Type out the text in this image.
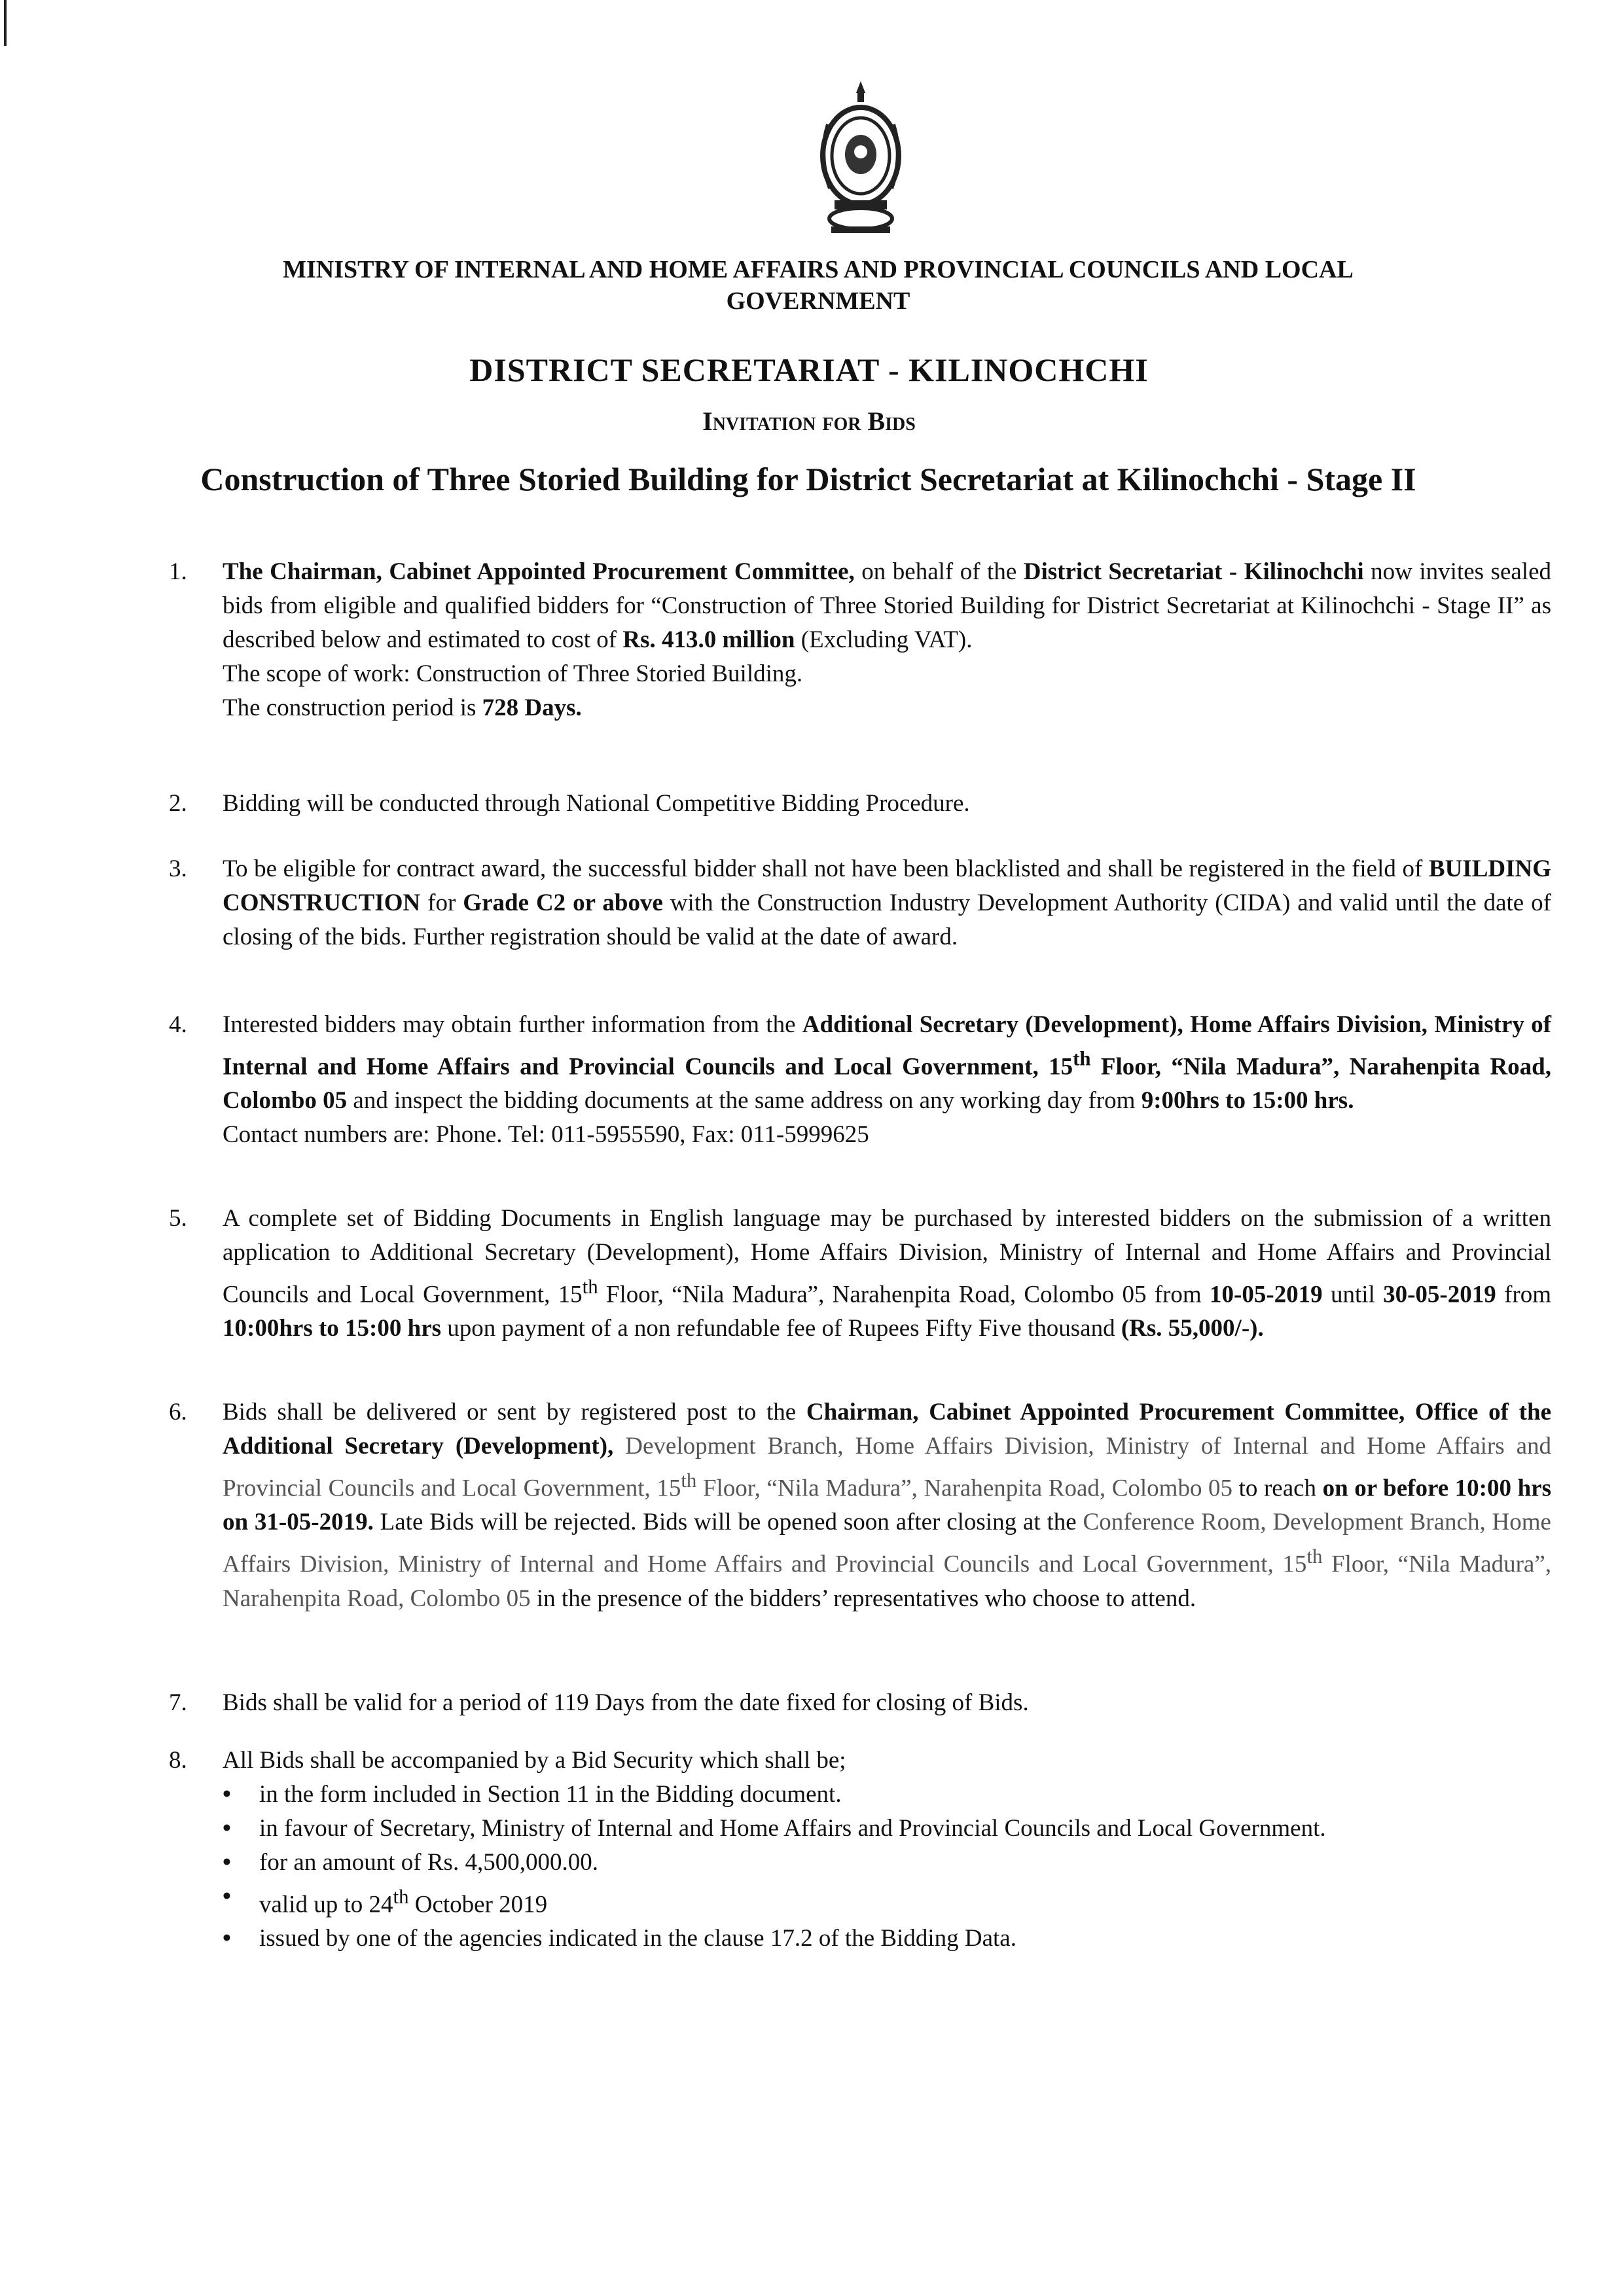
MINISTRY OF INTERNAL AND HOME AFFAIRS AND PROVINCIAL COUNCILS AND LOCAL GOVERNMENT
DISTRICT SECRETARIAT - KILINOCHCHI
Invitation for Bids
Construction of Three Storied Building for District Secretariat at Kilinochchi - Stage II
1. The Chairman, Cabinet Appointed Procurement Committee, on behalf of the District Secretariat - Kilinochchi now invites sealed bids from eligible and qualified bidders for “Construction of Three Storied Building for District Secretariat at Kilinochchi - Stage II” as described below and estimated to cost of Rs. 413.0 million (Excluding VAT).
The scope of work: Construction of Three Storied Building.
The construction period is 728 Days.
2. Bidding will be conducted through National Competitive Bidding Procedure.
3. To be eligible for contract award, the successful bidder shall not have been blacklisted and shall be registered in the field of BUILDING CONSTRUCTION for Grade C2 or above with the Construction Industry Development Authority (CIDA) and valid until the date of closing of the bids. Further registration should be valid at the date of award.
4. Interested bidders may obtain further information from the Additional Secretary (Development), Home Affairs Division, Ministry of Internal and Home Affairs and Provincial Councils and Local Government, 15th Floor, “Nila Madura”, Narahenpita Road, Colombo 05 and inspect the bidding documents at the same address on any working day from 9:00hrs to 15:00 hrs.
Contact numbers are: Phone. Tel: 011-5955590, Fax: 011-5999625
5. A complete set of Bidding Documents in English language may be purchased by interested bidders on the submission of a written application to Additional Secretary (Development), Home Affairs Division, Ministry of Internal and Home Affairs and Provincial Councils and Local Government, 15th Floor, “Nila Madura”, Narahenpita Road, Colombo 05 from 10-05-2019 until 30-05-2019 from 10:00hrs to 15:00 hrs upon payment of a non refundable fee of Rupees Fifty Five thousand (Rs. 55,000/-).
6. Bids shall be delivered or sent by registered post to the Chairman, Cabinet Appointed Procurement Committee, Office of the Additional Secretary (Development), Development Branch, Home Affairs Division, Ministry of Internal and Home Affairs and Provincial Councils and Local Government, 15th Floor, “Nila Madura”, Narahenpita Road, Colombo 05 to reach on or before 10:00 hrs on 31-05-2019. Late Bids will be rejected. Bids will be opened soon after closing at the Conference Room, Development Branch, Home Affairs Division, Ministry of Internal and Home Affairs and Provincial Councils and Local Government, 15th Floor, “Nila Madura”, Narahenpita Road, Colombo 05 in the presence of the bidders’ representatives who choose to attend.
7. Bids shall be valid for a period of 119 Days from the date fixed for closing of Bids.
8. All Bids shall be accompanied by a Bid Security which shall be;
• in the form included in Section 11 in the Bidding document.
• in favour of Secretary, Ministry of Internal and Home Affairs and Provincial Councils and Local Government.
• for an amount of Rs. 4,500,000.00.
• valid up to 24th October 2019
• issued by one of the agencies indicated in the clause 17.2 of the Bidding Data.
